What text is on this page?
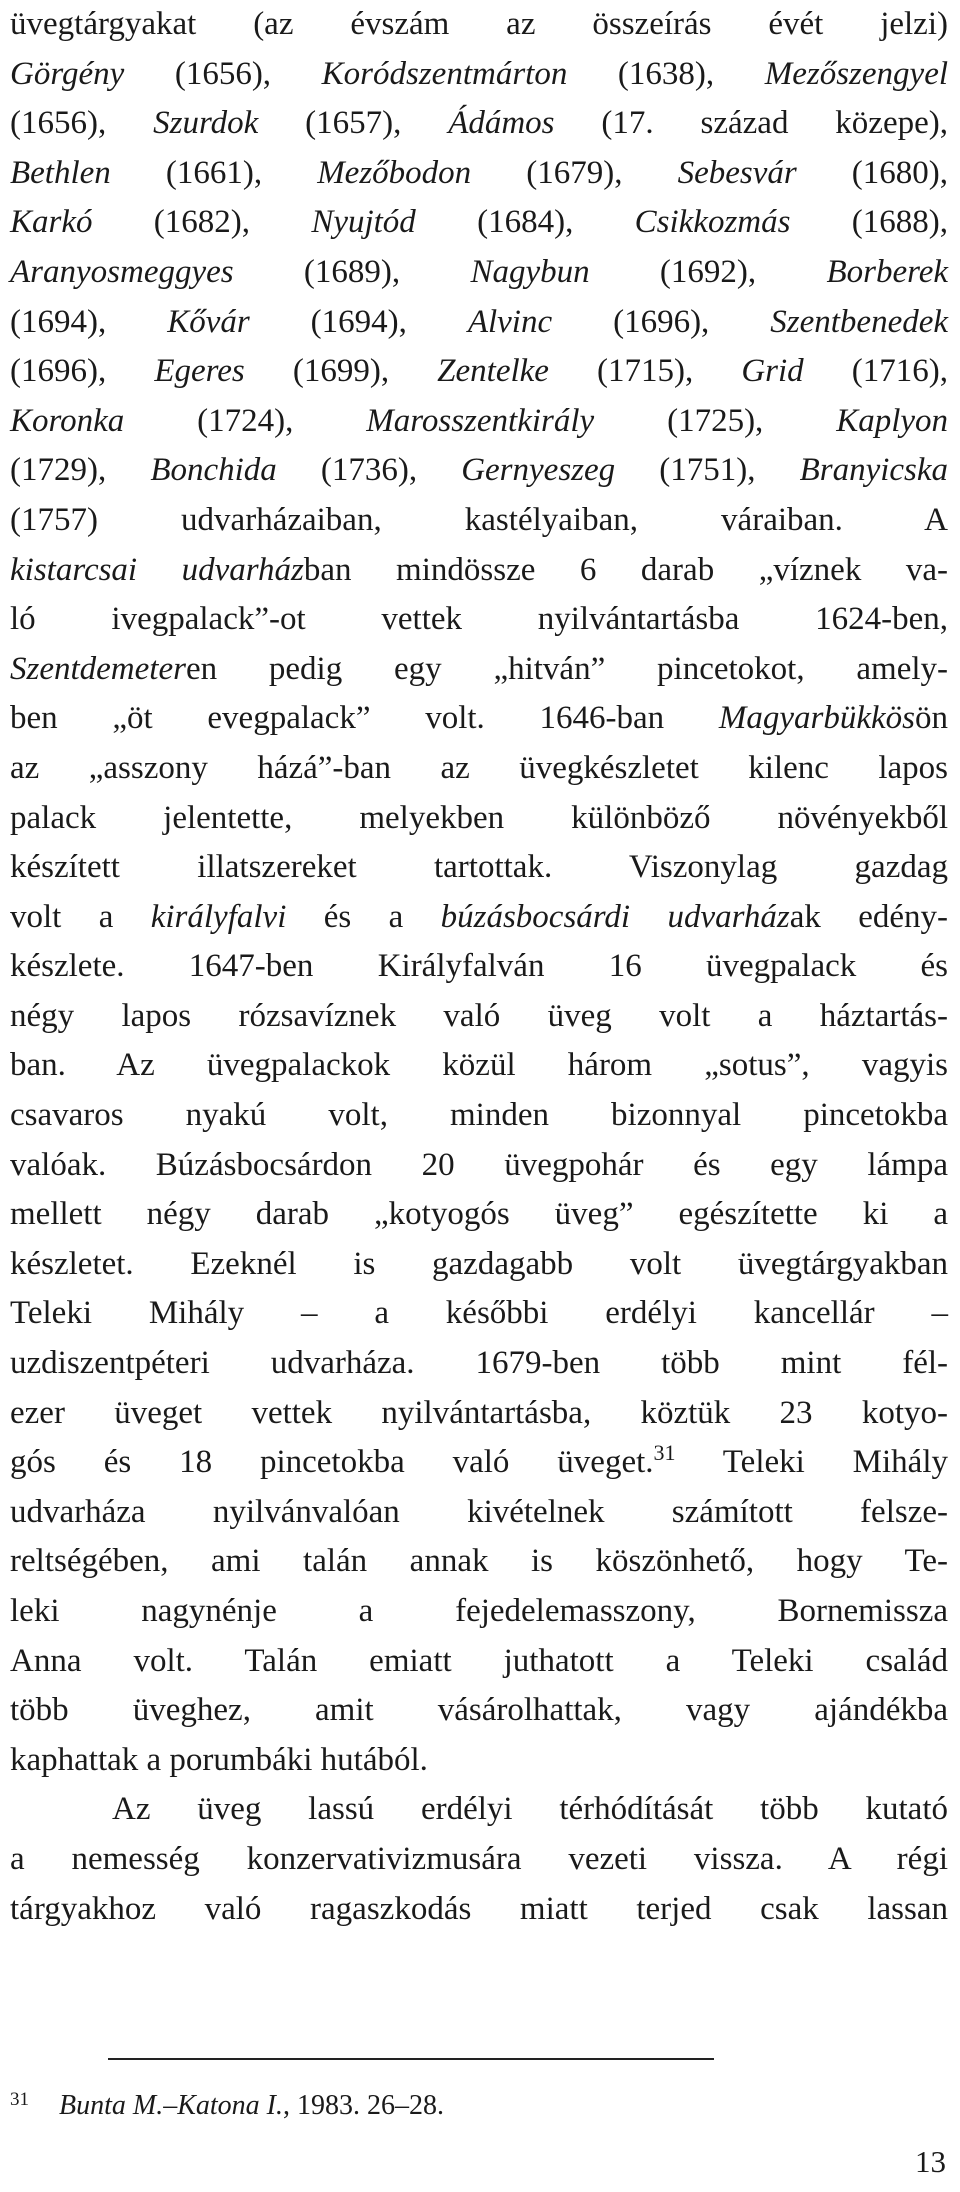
üvegtárgyakat (az évszám az összeírás évét jelzi)
Görgény (1656), Koródszentmárton (1638), Mezőszengyel
(1656), Szurdok (1657), Ádámos (17. század közepe),
Bethlen (1661), Mezőbodon (1679), Sebesvár (1680),
Karkó (1682), Nyujtód (1684), Csikkozmás (1688),
Aranyosmeggyes (1689), Nagybun (1692), Borberek
(1694), Kővár (1694), Alvinc (1696), Szentbenedek
(1696), Egeres (1699), Zentelke (1715), Grid (1716),
Koronka (1724), Marosszentkirály (1725), Kaplyon
(1729), Bonchida (1736), Gernyeszeg (1751), Branyicska
(1757) udvarházaiban, kastélyaiban, váraiban. A
kistarcsai udvarházban mindössze 6 darab „víznek va-
ló ivegpalack”-ot vettek nyilvántartásba 1624-ben,
Szentdemeteren pedig egy „hitván” pincetokot, amely-
ben „öt evegpalack” volt. 1646-ban Magyarbükkösön
az „asszony házá”-ban az üvegkészletet kilenc lapos
palack jelentette, melyekben különböző növényekből
készített illatszereket tartottak. Viszonylag gazdag
volt a királyfalvi és a búzásbocsárdi udvarházak edény-
készlete. 1647-ben Királyfalván 16 üvegpalack és
négy lapos rózsavíznek való üveg volt a háztartás-
ban. Az üvegpalackok közül három „sotus”, vagyis
csavaros nyakú volt, minden bizonnyal pincetokba
valóak. Búzásbocsárdon 20 üvegpohár és egy lámpa
mellett négy darab „kotyogós üveg” egészítette ki a
készletet. Ezeknél is gazdagabb volt üvegtárgyakban
Teleki Mihály – a későbbi erdélyi kancellár –
uzdiszentpéteri udvarháza. 1679-ben több mint fél-
ezer üveget vettek nyilvántartásba, köztük 23 kotyo-
gós és 18 pincetokba való üveget.$^{31}$ Teleki Mihály
udvarháza nyilvánvalóan kivételnek számított felsze-
reltségében, ami talán annak is köszönhető, hogy Te-
leki nagynénje a fejedelemasszony, Bornemissza
Anna volt. Talán emiatt juthatott a Teleki család
több üveghez, amit vásárolhattak, vagy ajándékba
kaphattak a porumbáki hutából.
Az üveg lassú erdélyi térhódítását több kutató
a nemesség konzervativizmusára vezeti vissza. A régi
tárgyakhoz való ragaszkodás miatt terjed csak lassan
$^{31}$ Bunta M.–Katona I., 1983. 26–28.
13
